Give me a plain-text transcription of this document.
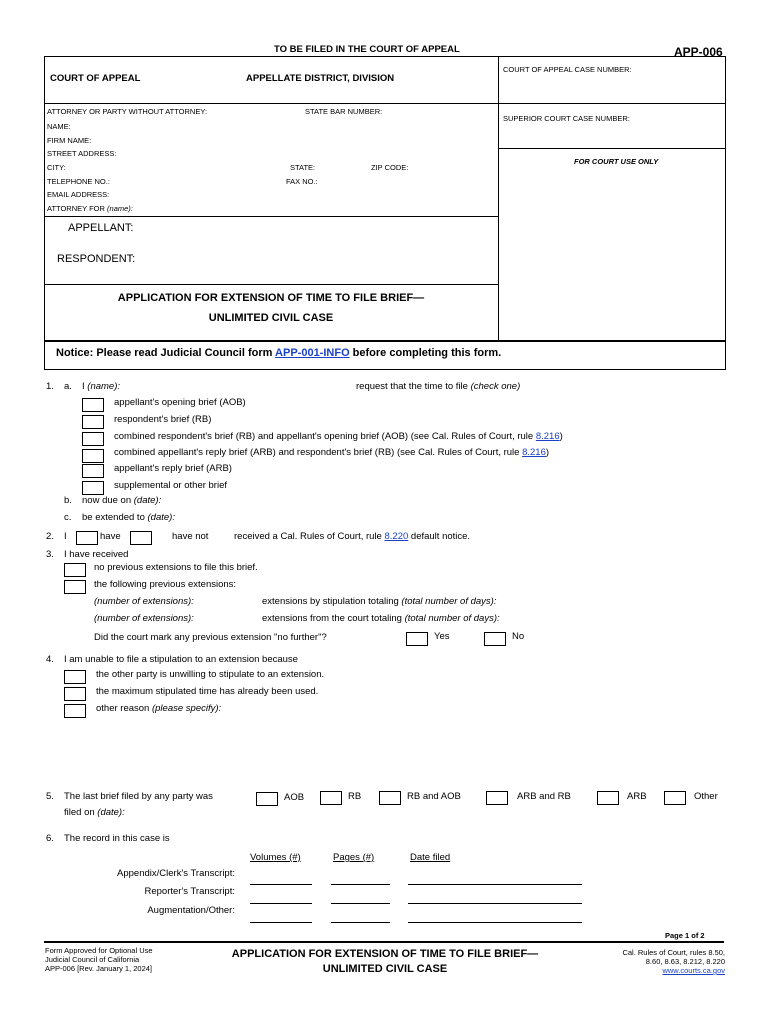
TO BE FILED IN THE COURT OF APPEAL	APP-006
COURT OF APPEAL	APPELLATE DISTRICT, DIVISION
COURT OF APPEAL CASE NUMBER:
SUPERIOR COURT CASE NUMBER:
FOR COURT USE ONLY
ATTORNEY OR PARTY WITHOUT ATTORNEY:	STATE BAR NUMBER:
NAME:
FIRM NAME:
STREET ADDRESS:
CITY:	STATE:	ZIP CODE:
TELEPHONE NO.:	FAX NO.:
EMAIL ADDRESS:
ATTORNEY FOR (name):
APPELLANT:
RESPONDENT:
APPLICATION FOR EXTENSION OF TIME TO FILE BRIEF—
UNLIMITED CIVIL CASE
Notice: Please read Judicial Council form APP-001-INFO before completing this form.
1. a. I (name):	request that the time to file (check one)
appellant's opening brief (AOB)
respondent's brief (RB)
combined respondent's brief (RB) and appellant's opening brief (AOB) (see Cal. Rules of Court, rule 8.216)
combined appellant's reply brief (ARB) and respondent's brief (RB) (see Cal. Rules of Court, rule 8.216)
appellant's reply brief (ARB)
supplemental or other brief
b. now due on (date):
c. be extended to (date):
2. I	have	have not	received a Cal. Rules of Court, rule 8.220 default notice.
3. I have received
no previous extensions to file this brief.
the following previous extensions:
(number of extensions):	extensions by stipulation totaling (total number of days):
(number of extensions):	extensions from the court totaling (total number of days):
Did the court mark any previous extension "no further"?	Yes	No
4. I am unable to file a stipulation to an extension because
the other party is unwilling to stipulate to an extension.
the maximum stipulated time has already been used.
other reason (please specify):
5. The last brief filed by any party was
filed on (date):
AOB	RB	RB and AOB	ARB and RB	ARB	Other
6. The record in this case is
Volumes (#)	Pages (#)	Date filed
Appendix/Clerk's Transcript:
Reporter's Transcript:
Augmentation/Other:
Page 1 of 2
Form Approved for Optional Use
Judicial Council of California
APP-006 [Rev. January 1, 2024]
APPLICATION FOR EXTENSION OF TIME TO FILE BRIEF—
UNLIMITED CIVIL CASE
Cal. Rules of Court, rules 8.50,
8.60, 8.63, 8.212, 8.220
www.courts.ca.gov
